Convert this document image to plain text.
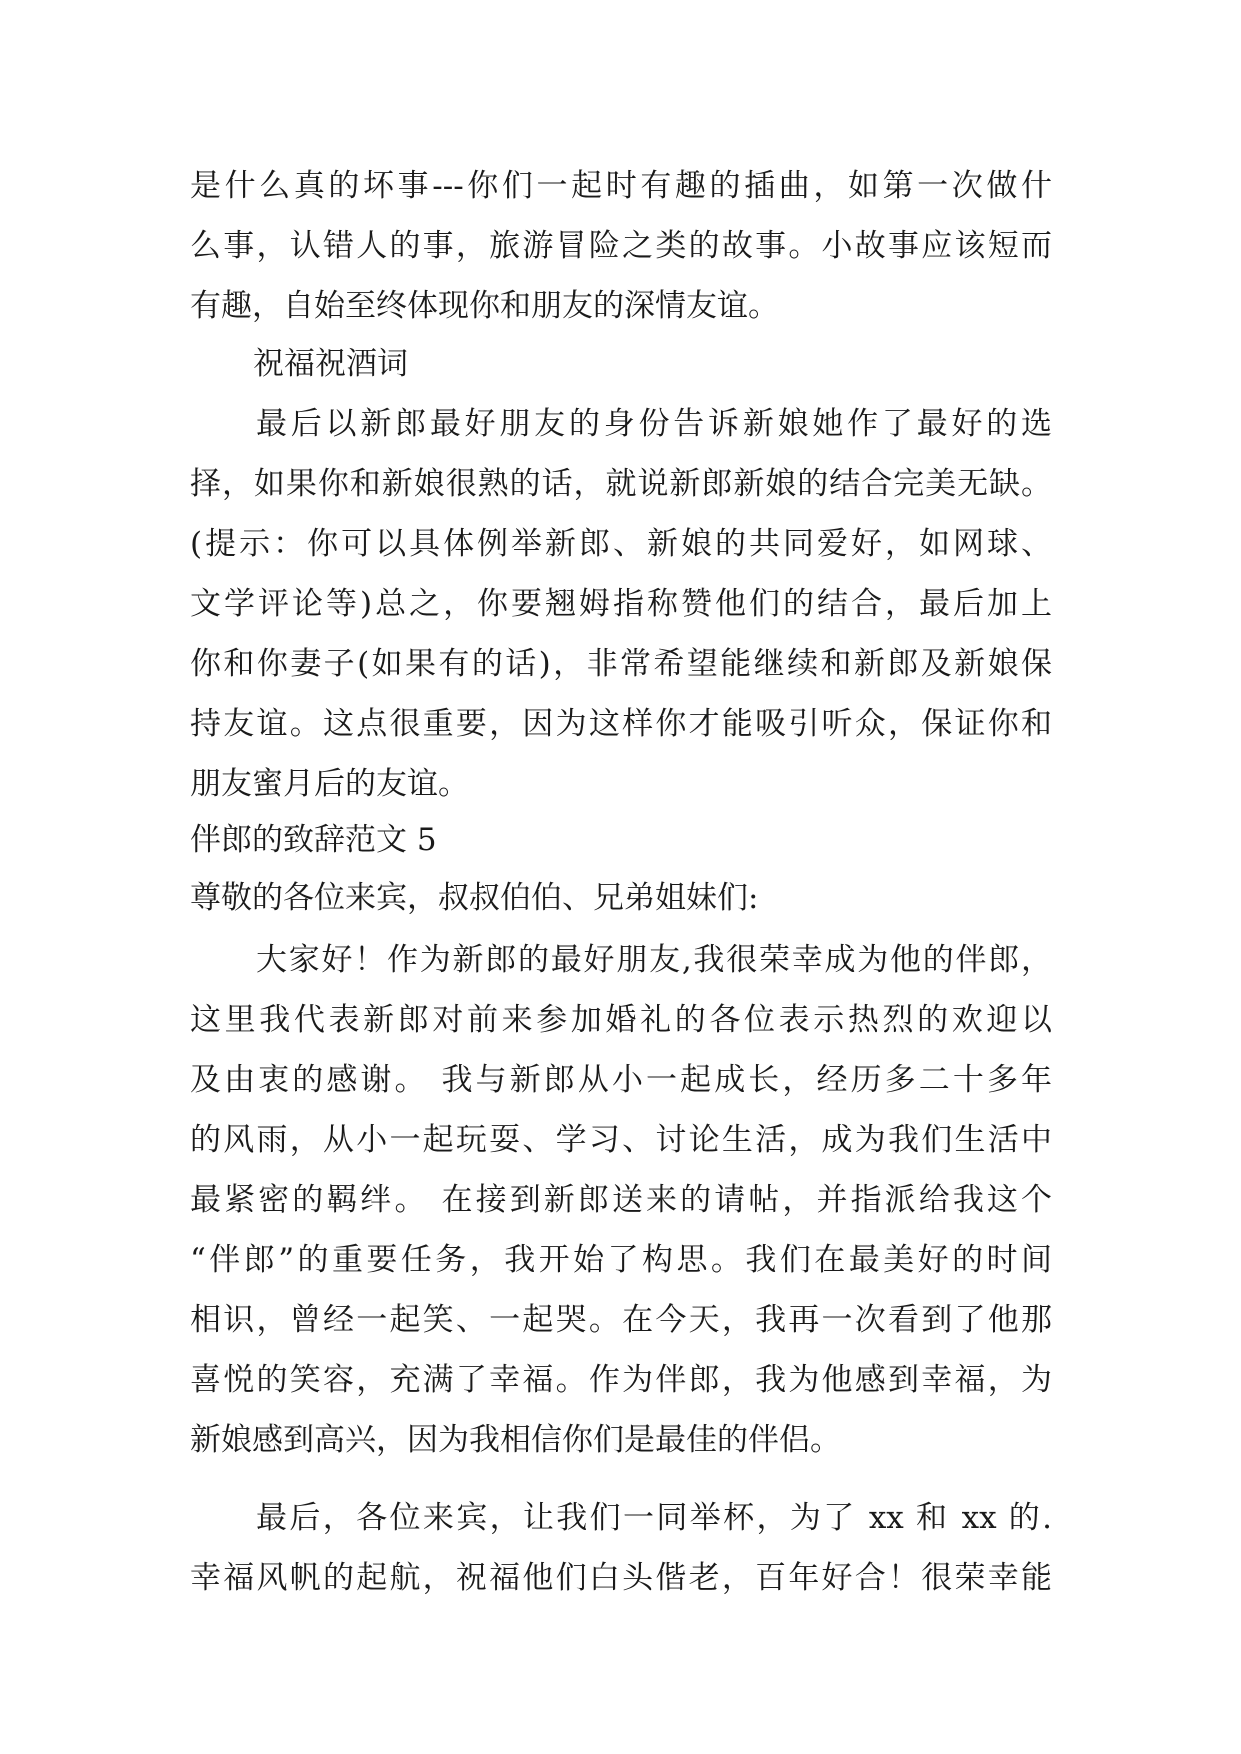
是什么真的坏事---你们一起时有趣的插曲，如第一次做什
么事，认错人的事，旅游冒险之类的故事。小故事应该短而
有趣，自始至终体现你和朋友的深情友谊。
祝福祝酒词
最后以新郎最好朋友的身份告诉新娘她作了最好的选
择，如果你和新娘很熟的话，就说新郎新娘的结合完美无缺。
(提示：你可以具体例举新郎、新娘的共同爱好，如网球、
文学评论等)总之，你要翘姆指称赞他们的结合，最后加上
你和你妻子(如果有的话)，非常希望能继续和新郎及新娘保
持友谊。这点很重要，因为这样你才能吸引听众，保证你和
朋友蜜月后的友谊。
伴郎的致辞范文 5
尊敬的各位来宾，叔叔伯伯、兄弟姐妹们:
大家好！作为新郎的最好朋友,我很荣幸成为他的伴郎，
这里我代表新郎对前来参加婚礼的各位表示热烈的欢迎以
及由衷的感谢。 我与新郎从小一起成长，经历多二十多年
的风雨，从小一起玩耍、学习、讨论生活，成为我们生活中
最紧密的羁绊。 在接到新郎送来的请帖，并指派给我这个
“伴郎”的重要任务，我开始了构思。我们在最美好的时间
相识，曾经一起笑、一起哭。在今天，我再一次看到了他那
喜悦的笑容，充满了幸福。作为伴郎，我为他感到幸福，为
新娘感到高兴，因为我相信你们是最佳的伴侣。
最后，各位来宾，让我们一同举杯，为了 xx 和 xx 的.
幸福风帆的起航，祝福他们白头偕老，百年好合！很荣幸能
